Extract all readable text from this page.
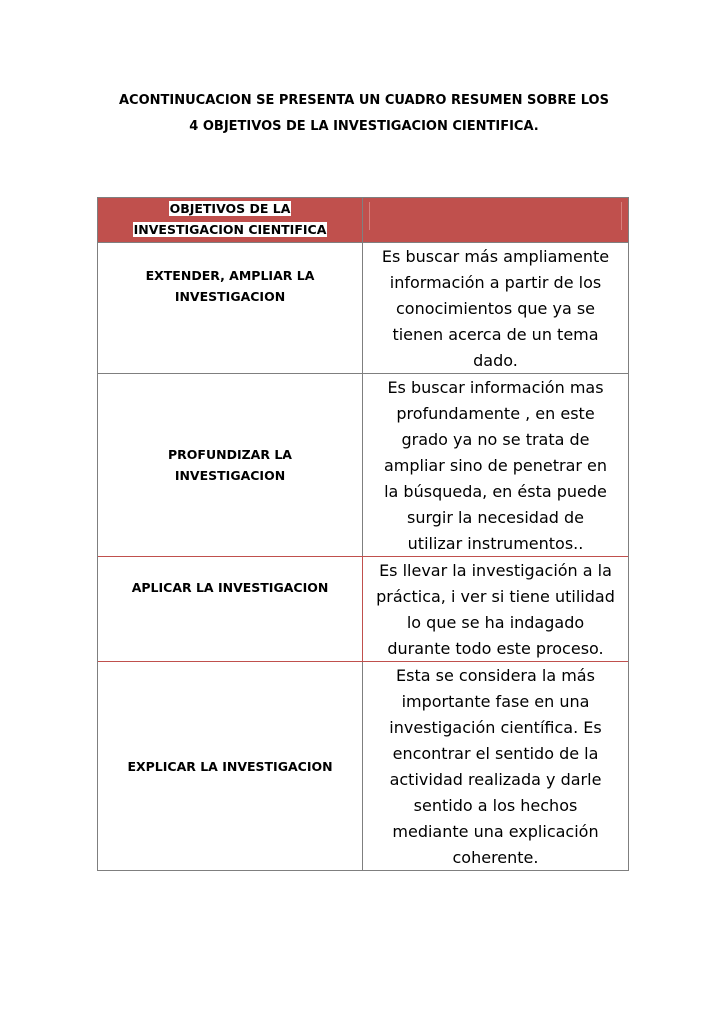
ACONTINUCACION SE PRESENTA UN CUADRO RESUMEN SOBRE LOS
4 OBJETIVOS DE LA INVESTIGACION CIENTIFICA.
OBJETIVOS DE LA
INVESTIGACION CIENTIFICA
EXTENDER, AMPLIAR LA
INVESTIGACION
Es buscar más ampliamente
información a partir de los
conocimientos que ya se
tienen acerca de un tema
dado.
PROFUNDIZAR LA
INVESTIGACION
Es buscar información mas
profundamente , en este
grado ya no se trata de
ampliar sino de penetrar en
la búsqueda, en ésta puede
surgir la necesidad de
utilizar instrumentos..
APLICAR LA INVESTIGACION
Es llevar la investigación a la
práctica, i ver si tiene utilidad
lo que se ha indagado
durante todo este proceso.
EXPLICAR LA INVESTIGACION
Esta se considera la más
importante fase en una
investigación científica. Es
encontrar el sentido de la
actividad realizada y darle
sentido a los hechos
mediante una explicación
coherente.
